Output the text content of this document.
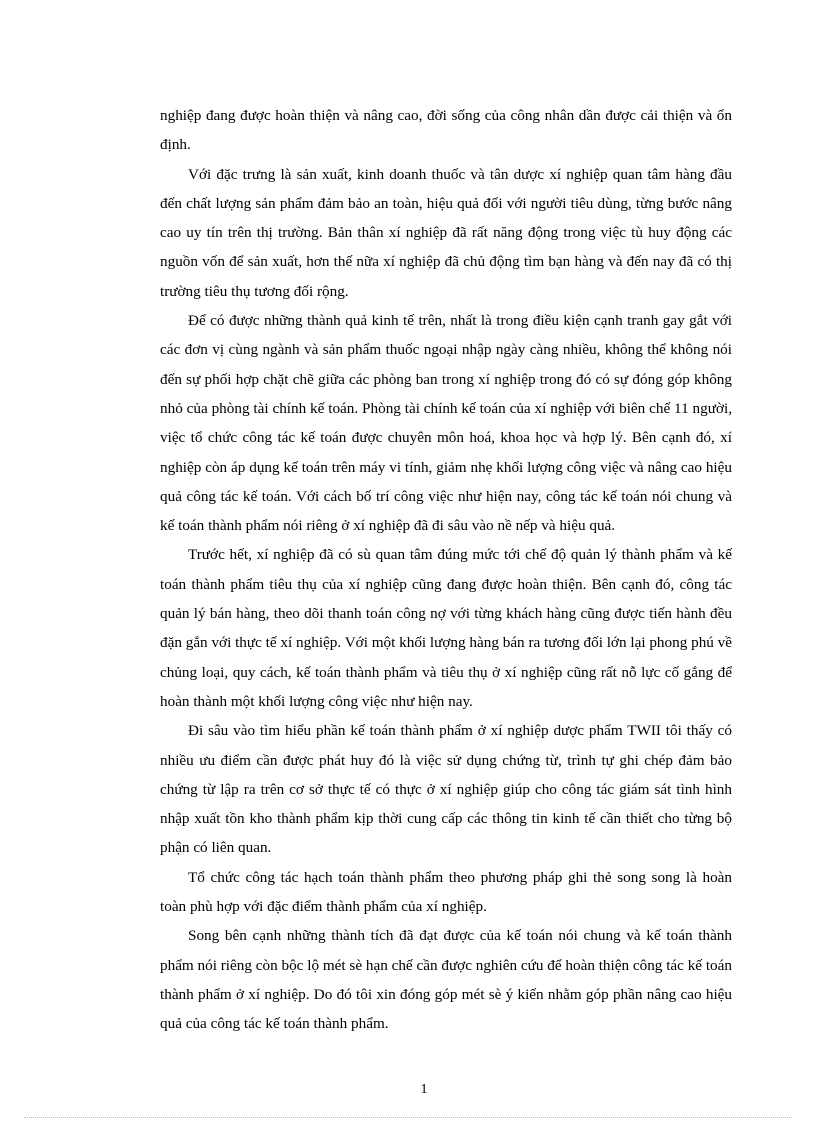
nghiệp đang được hoàn thiện và nâng cao, đời sống của công nhân dần được cải thiện và ổn định.

Với đặc trưng là sản xuất, kinh doanh thuốc và tân dược xí nghiệp quan tâm hàng đầu đến chất lượng sản phẩm đảm bảo an toàn, hiệu quả đối với người tiêu dùng, từng bước nâng cao uy tín trên thị trường. Bản thân xí nghiệp đã rất năng động trong việc tù huy động các nguồn vốn để sản xuất, hơn thế nữa xí nghiệp đã chủ động tìm bạn hàng và đến nay đã có thị trường tiêu thụ tương đối rộng.

Để có được những thành quả kinh tế trên, nhất là trong điều kiện cạnh tranh gay gắt với các đơn vị cùng ngành và sản phẩm thuốc ngoại nhập ngày càng nhiều, không thể không nói đến sự phối hợp chặt chẽ giữa các phòng ban trong xí nghiệp trong đó có sự đóng góp không nhỏ của phòng tài chính kế toán. Phòng tài chính kế toán của xí nghiệp với biên chế 11 người, việc tổ chức công tác kế toán được chuyên môn hoá, khoa học và hợp lý. Bên cạnh đó, xí nghiệp còn áp dụng kế toán trên máy vi tính, giảm nhẹ khối lượng công việc và nâng cao hiệu quả công tác kế toán. Với cách bố trí công việc như hiện nay, công tác kế toán nói chung và kế toán thành phẩm nói riêng ở xí nghiệp đã đi sâu vào nề nếp và hiệu quả.

Trước hết, xí nghiệp đã có sù quan tâm đúng mức tới chế độ quản lý thành phẩm và kế toán thành phẩm tiêu thụ của xí nghiệp cũng đang được hoàn thiện. Bên cạnh đó, công tác quản lý bán hàng, theo dõi thanh toán công nợ với từng khách hàng cũng được tiến hành đều đặn gắn với thực tế xí nghiệp. Với một khối lượng hàng bán ra tương đối lớn lại phong phú về chủng loại, quy cách, kế toán thành phẩm và tiêu thụ ở xí nghiệp cũng rất nỗ lực cố gắng để hoàn thành một khối lượng công việc như hiện nay.

Đi sâu vào tìm hiểu phần kế toán thành phẩm ở xí nghiệp dược phẩm TWII tôi thấy có nhiều ưu điểm cần được phát huy đó là việc sử dụng chứng từ, trình tự ghi chép đảm bảo chứng từ lập ra trên cơ sở thực tế có thực ở xí nghiệp giúp cho công tác giám sát tình hình nhập xuất tồn kho thành phẩm kịp thời cung cấp các thông tin kinh tế cần thiết cho từng bộ phận có liên quan.

Tổ chức công tác hạch toán thành phẩm theo phương pháp ghi thẻ song song là hoàn toàn phù hợp với đặc điểm thành phẩm của xí nghiệp.

Song bên cạnh những thành tích đã đạt được của kế toán nói chung và kế toán thành phẩm nói riêng còn bộc lộ mét sè hạn chế cần được nghiên cứu để hoàn thiện công tác kế toán thành phẩm ở xí nghiệp. Do đó tôi xin đóng góp mét sè ý kiến nhằm góp phần nâng cao hiệu quả của công tác kế toán thành phẩm.

1
